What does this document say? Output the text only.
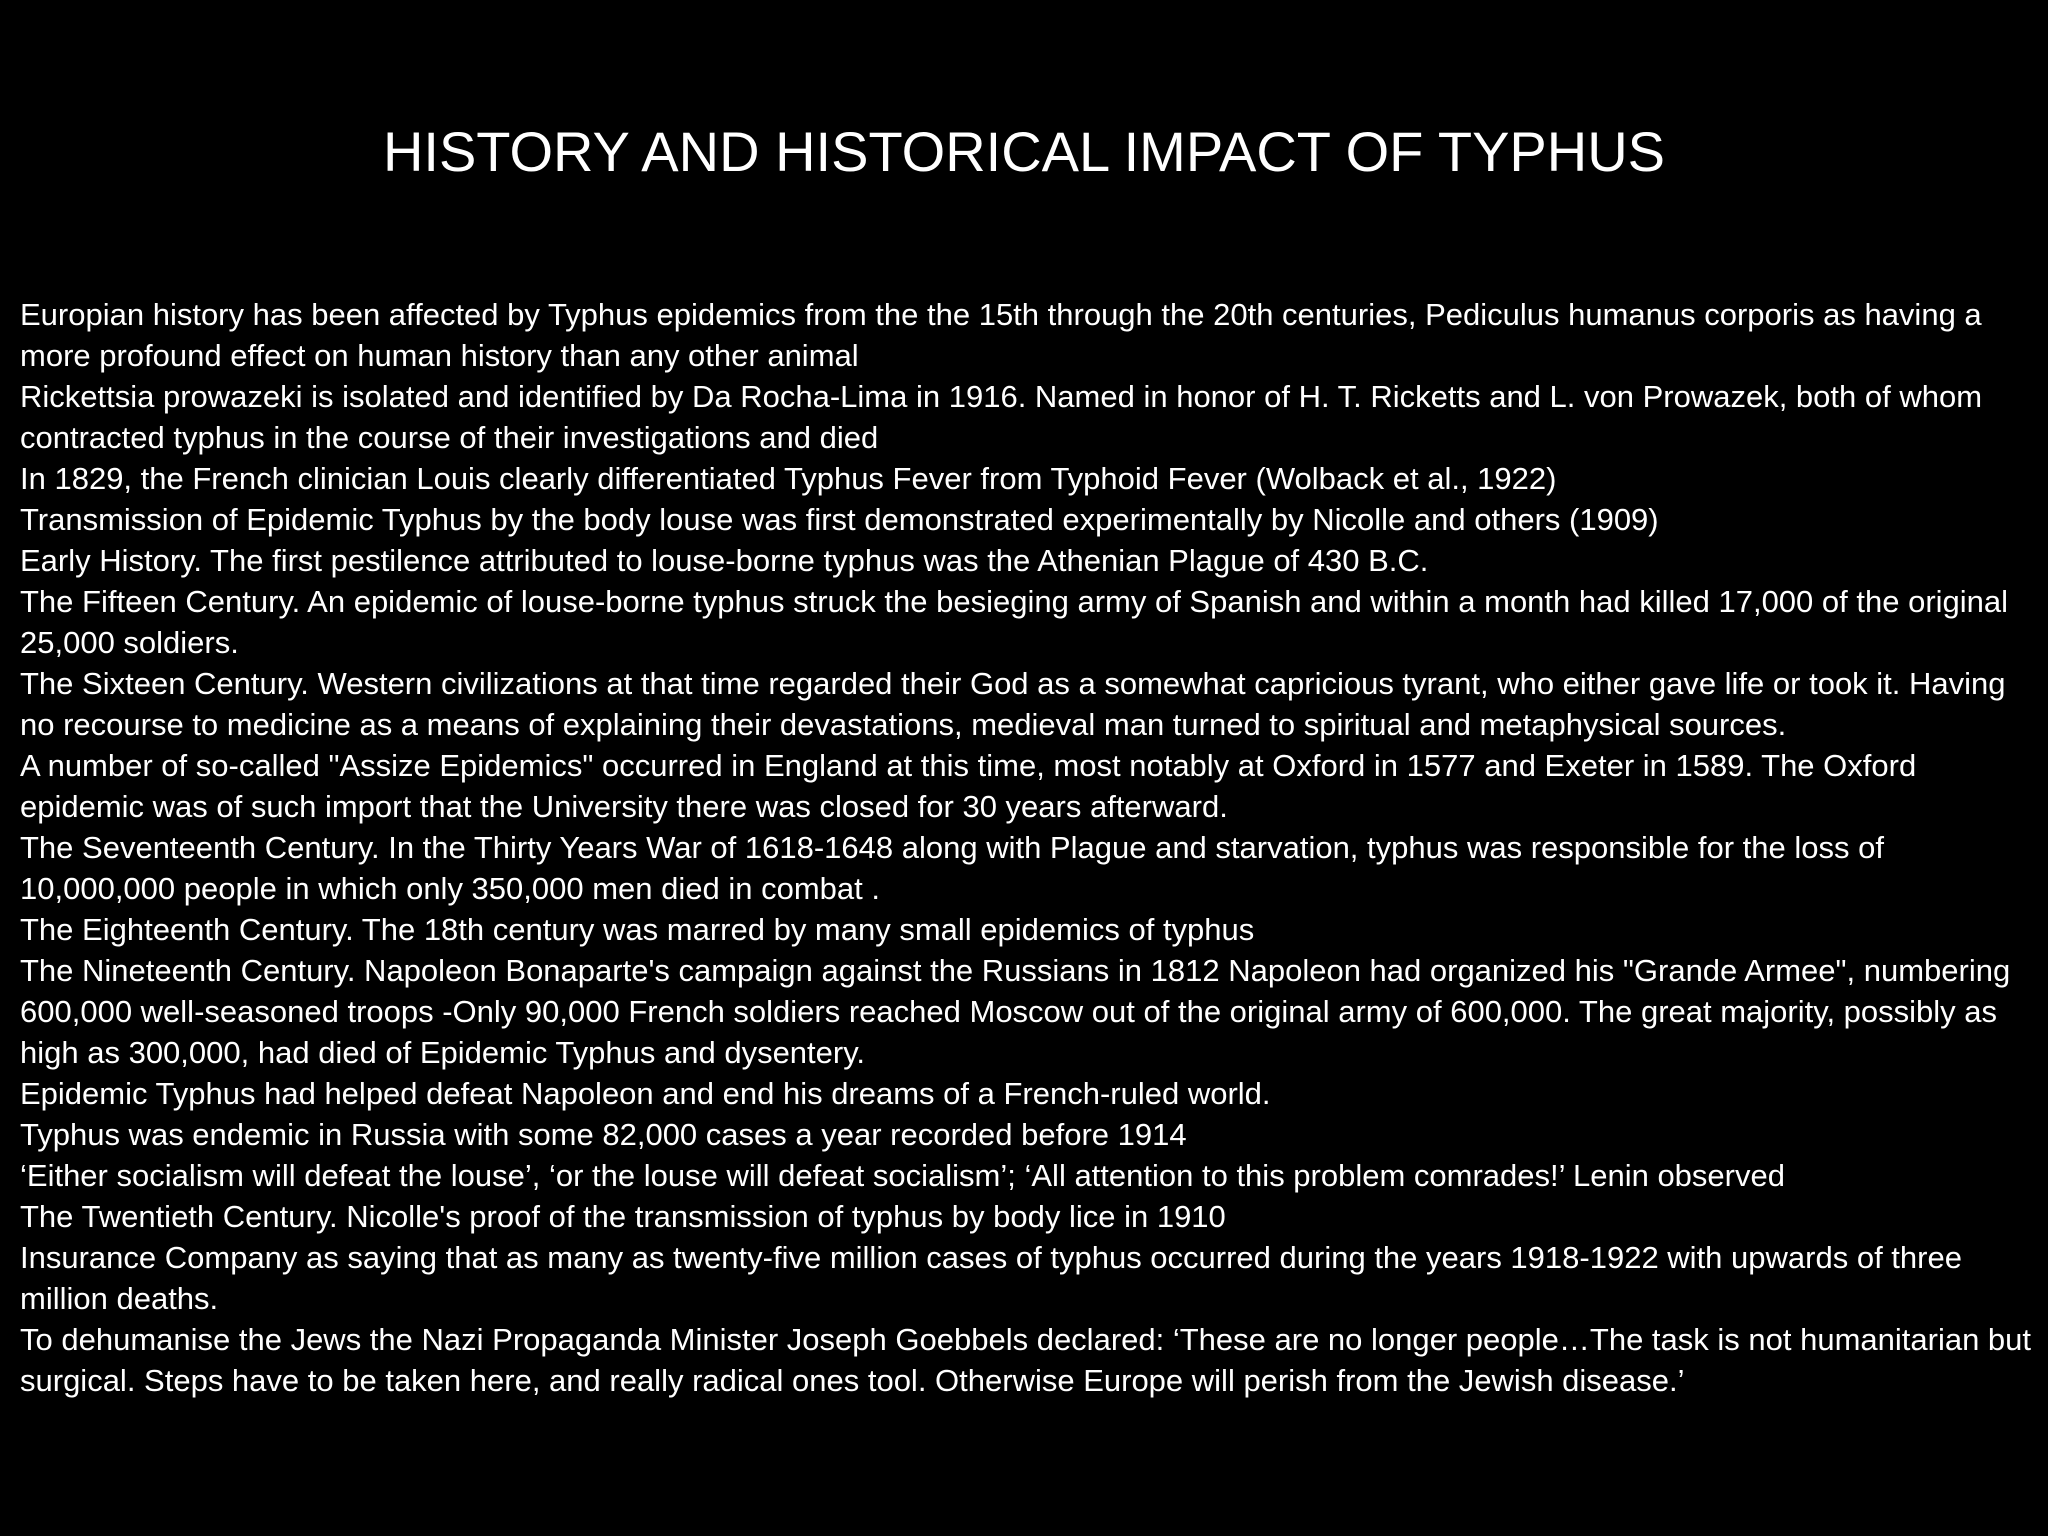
HISTORY AND HISTORICAL IMPACT OF TYPHUS

Europian history has been affected by Typhus epidemics from the the 15th through the 20th centuries, Pediculus humanus corporis as having a more profound effect on human history than any other animal

Rickettsia prowazeki is isolated and identified by Da Rocha-Lima in 1916. Named in honor of H. T. Ricketts and L. von Prowazek, both of whom contracted typhus in the course of their investigations and died

In 1829, the French clinician Louis clearly differentiated Typhus Fever from Typhoid Fever (Wolback et al., 1922)

Transmission of Epidemic Typhus by the body louse was first demonstrated experimentally by Nicolle and others (1909)

Early History. The first pestilence attributed to louse-borne typhus was the Athenian Plague of 430 B.C.

The Fifteen Century. An epidemic of louse-borne typhus struck the besieging army of Spanish and within a month had killed 17,000 of the original 25,000 soldiers.

The Sixteen Century. Western civilizations at that time regarded their God as a somewhat capricious tyrant, who either gave life or took it. Having no recourse to medicine as a means of explaining their devastations, medieval man turned to spiritual and metaphysical sources.

A number of so-called "Assize Epidemics" occurred in England at this time, most notably at Oxford in 1577 and Exeter in 1589. The Oxford epidemic was of such import that the University there was closed for 30 years afterward.

The Seventeenth Century. In the Thirty Years War of 1618-1648 along with Plague and starvation, typhus was responsible for the loss of 10,000,000 people in which only 350,000 men died in combat .

The Eighteenth Century. The 18th century was marred by many small epidemics of typhus

The Nineteenth Century. Napoleon Bonaparte's campaign against the Russians in 1812 Napoleon had organized his "Grande Armee", numbering 600,000 well-seasoned troops -Only 90,000 French soldiers reached Moscow out of the original army of 600,000. The great majority, possibly as high as 300,000, had died of Epidemic Typhus and dysentery.

Epidemic Typhus had helped defeat Napoleon and end his dreams of a French-ruled world.

Typhus was endemic in Russia with some 82,000 cases a year recorded before 1914

‘Either socialism will defeat the louse’, ‘or the louse will defeat socialism’; ‘All attention to this problem comrades!’ Lenin observed

The Twentieth Century. Nicolle's proof of the transmission of typhus by body lice in 1910

Insurance Company as saying that as many as twenty-five million cases of typhus occurred during the years 1918-1922 with upwards of three million deaths.

To dehumanise the Jews the Nazi Propaganda Minister Joseph Goebbels declared: ‘These are no longer people…The task is not humanitarian but surgical. Steps have to be taken here, and really radical ones tool. Otherwise Europe will perish from the Jewish disease.’
